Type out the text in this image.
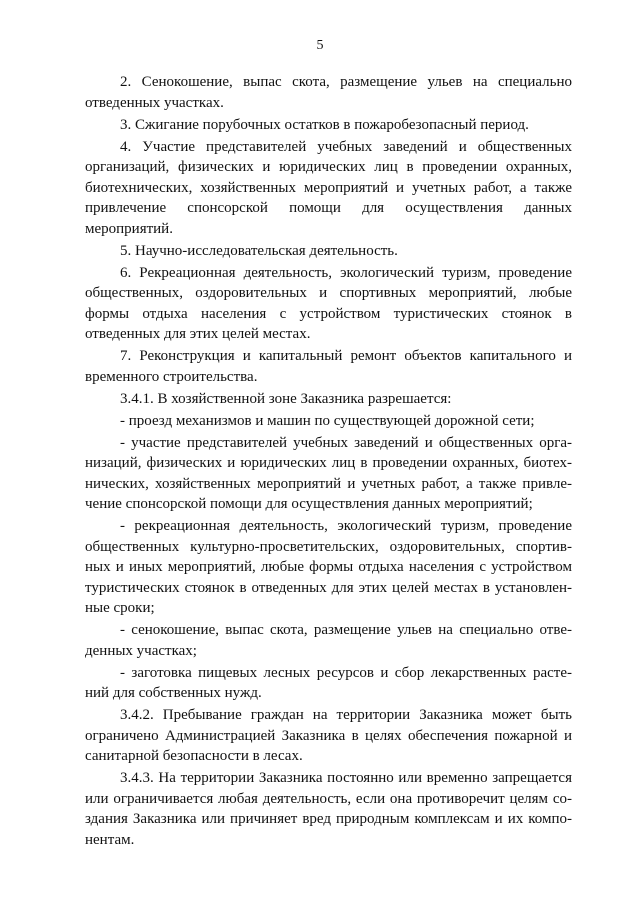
5
2. Сенокошение, выпас скота, размещение ульев на специально
отведенных участках.
3. Сжигание порубочных остатков в пожаробезопасный период.
4. Участие представителей учебных заведений и общественных
организаций, физических и юридических лиц в проведении охранных,
биотехнических, хозяйственных мероприятий и учетных работ, а также
привлечение спонсорской помощи для осуществления данных
мероприятий.
5. Научно-исследовательская деятельность.
6. Рекреационная деятельность, экологический туризм, проведение
общественных, оздоровительных и спортивных мероприятий, любые
формы отдыха населения с устройством туристических стоянок в
отведенных для этих целей местах.
7. Реконструкция и капитальный ремонт объектов капитального и
временного строительства.
3.4.1. В хозяйственной зоне Заказника разрешается:
- проезд механизмов и машин по существующей дорожной сети;
- участие представителей учебных заведений и общественных орга-
низаций, физических и юридических лиц в проведении охранных, биотех-
нических, хозяйственных мероприятий и учетных работ, а также привле-
чение спонсорской помощи для осуществления данных мероприятий;
- рекреационная деятельность, экологический туризм, проведение
общественных культурно-просветительских, оздоровительных, спортив-
ных и иных мероприятий, любые формы отдыха населения с устройством
туристических стоянок в отведенных для этих целей местах в установлен-
ные сроки;
- сенокошение, выпас скота, размещение ульев на специально отве-
денных участках;
- заготовка пищевых лесных ресурсов и сбор лекарственных расте-
ний для собственных нужд.
3.4.2. Пребывание граждан на территории Заказника может быть
ограничено Администрацией Заказника в целях обеспечения пожарной и
санитарной безопасности в лесах.
3.4.3. На территории Заказника постоянно или временно запрещается
или ограничивается любая деятельность, если она противоречит целям со-
здания Заказника или причиняет вред природным комплексам и их компо-
нентам.
